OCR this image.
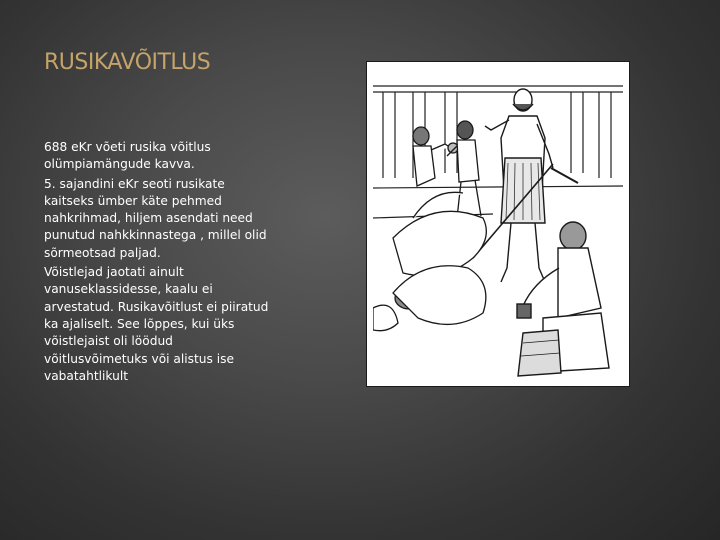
RUSIKAVÕITLUS

688 eKr võeti rusika võitlus olümpiamängude kavva.

5. sajandini eKr seoti rusikate kaitseks ümber käte pehmed nahkrihmad, hiljem asendati need punutud nahkkinnastega , millel olid sõrmeotsad paljad.

Võistlejad jaotati ainult vanuseklassidesse, kaalu ei arvestatud. Rusikavõitlust ei piiratud ka ajaliselt. See lõppes, kui üks võistlejaist oli löödud võitlusvõimetuks või alistus ise vabatahtlikult
